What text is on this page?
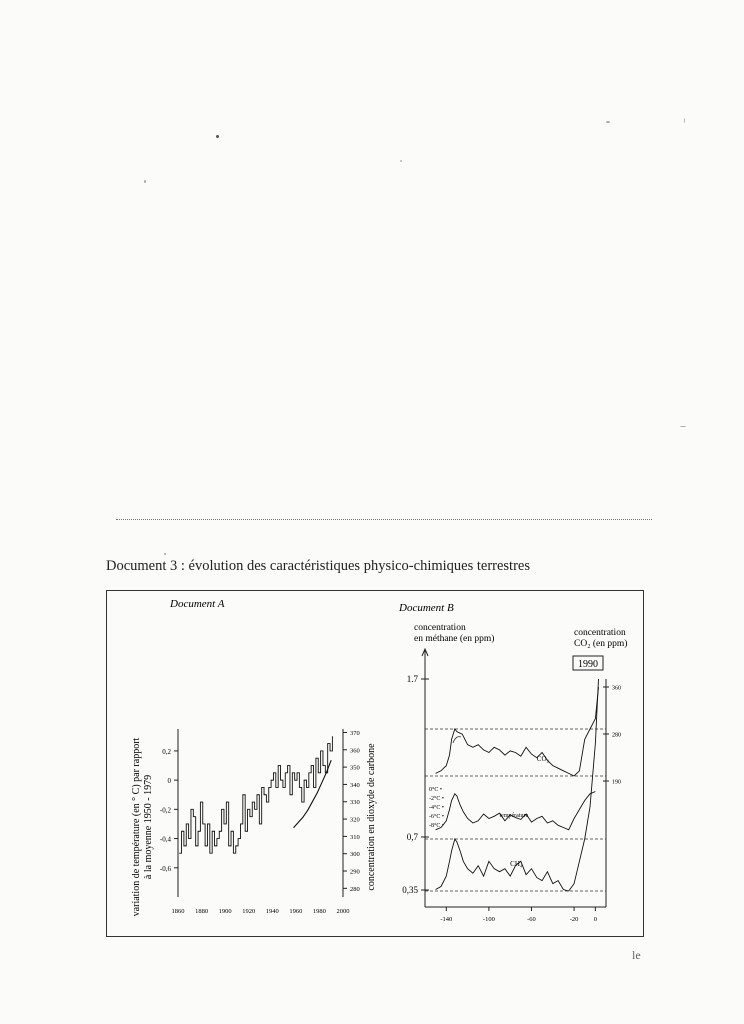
Document 3 : évolution des caractéristiques physico-chimiques terrestres
Document A
variation de température (en ° C) par rapport à la moyenne 1950 - 1979	concentration en dioxyde de carbone
0,2
0
-0,2
-0,4
-0,6
370
360
350
340
330
320
310
300
290
280
1860 1880 1900 1920 1940 1960 1980 2000
Document B
concentration
en méthane (en ppm)
concentration
CO₂ (en ppm)
1990
1.7
0,7
0,35
360
280
190
-140	-100	-60	-20 0
0°C •
-2°C •
-4°C •
-6°C •
-8°C •
CO₂
température
CH₄
le
